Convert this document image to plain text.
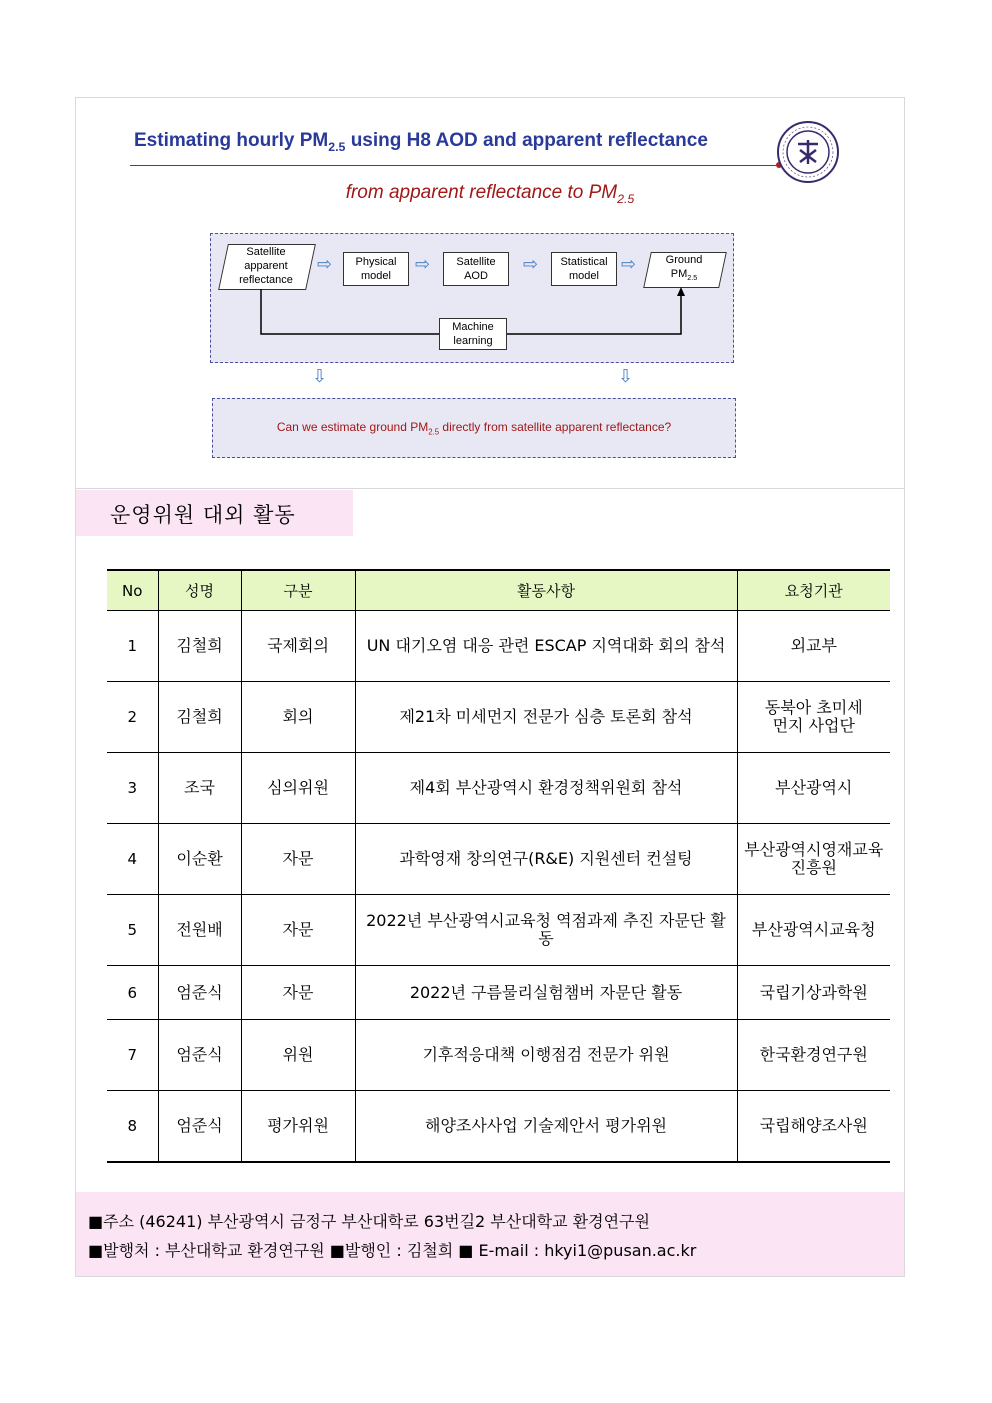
Estimating hourly $PM_{2.5}$ using H8 AOD and apparent reflectance
from apparent reflectance to $PM_{2.5}$
Satellite
apparent
reflectance
⇨ Physical
model
⇨ Satellite
AOD
⇨ Statistical
model
⇨	Ground
$PM_{2.5}$
Machine
learning
⇩	⇩
Can we estimate ground $PM_{2.5}$ directly from satellite apparent reflectance?
운영위원 대외 활동
No	성명	구분	활동사항	요청기관
1	김철희	국제회의	UN 대기오염 대응 관련 ESCAP 지역대화 회의 참석	외교부
2	김철희	회의	제21차 미세먼지 전문가 심층 토론회 참석	동북아 초미세먼지 사업단
3	조국	심의위원	제4회 부산광역시 환경정책위원회 참석	부산광역시
4	이순환	자문	과학영재 창의연구(R&E) 지원센터 컨설팅	부산광역시영재교육진흥원
5	전원배	자문	2022년 부산광역시교육청 역점과제 추진 자문단 활동	부산광역시교육청
6	엄준식	자문	2022년 구름물리실험챔버 자문단 활동	국립기상과학원
7	엄준식	위원	기후적응대책 이행점검 전문가 위원	한국환경연구원
8	엄준식	평가위원	해양조사사업 기술제안서 평가위원	국립해양조사원
■주소 (46241) 부산광역시 금정구 부산대학로 63번길2 부산대학교 환경연구원
■발행처 : 부산대학교 환경연구원 ■발행인 : 김철희 ■ E-mail : hkyi1@pusan.ac.kr
